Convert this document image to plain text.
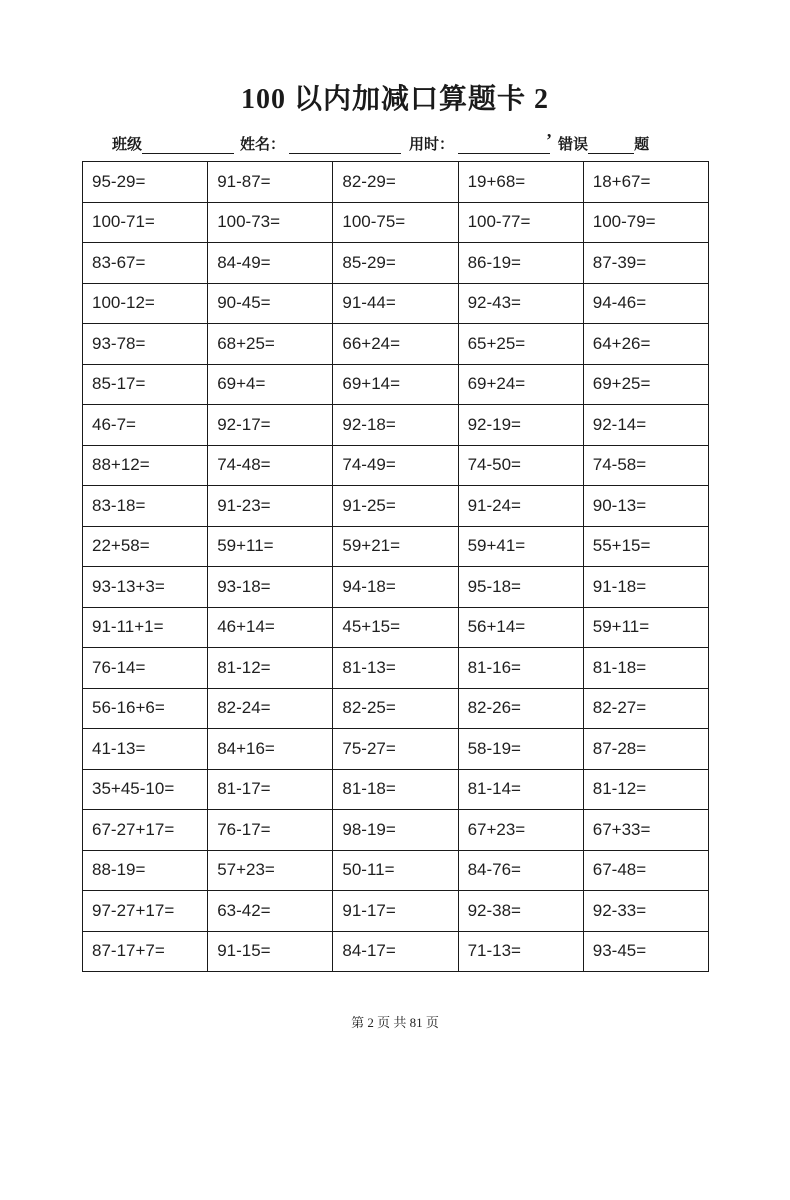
’
100 以内加减口算题卡 2
班级	姓名：	用时：	错误	题
95-29=	91-87=	82-29=	19+68=	18+67=
100-71=	100-73=	100-75=	100-77=	100-79=
83-67=	84-49=	85-29=	86-19=	87-39=
100-12=	90-45=	91-44=	92-43=	94-46=
93-78=	68+25=	66+24=	65+25=	64+26=
85-17=	69+4=	69+14=	69+24=	69+25=
46-7=	92-17=	92-18=	92-19=	92-14=
88+12=	74-48=	74-49=	74-50=	74-58=
83-18=	91-23=	91-25=	91-24=	90-13=
22+58=	59+11=	59+21=	59+41=	55+15=
93-13+3=	93-18=	94-18=	95-18=	91-18=
91-11+1=	46+14=	45+15=	56+14=	59+11=
76-14=	81-12=	81-13=	81-16=	81-18=
56-16+6=	82-24=	82-25=	82-26=	82-27=
41-13=	84+16=	75-27=	58-19=	87-28=
35+45-10=	81-17=	81-18=	81-14=	81-12=
67-27+17=	76-17=	98-19=	67+23=	67+33=
88-19=	57+23=	50-11=	84-76=	67-48=
97-27+17=	63-42=	91-17=	92-38=	92-33=
87-17+7=	91-15=	84-17=	71-13=	93-45=
第 2 页 共 81 页
